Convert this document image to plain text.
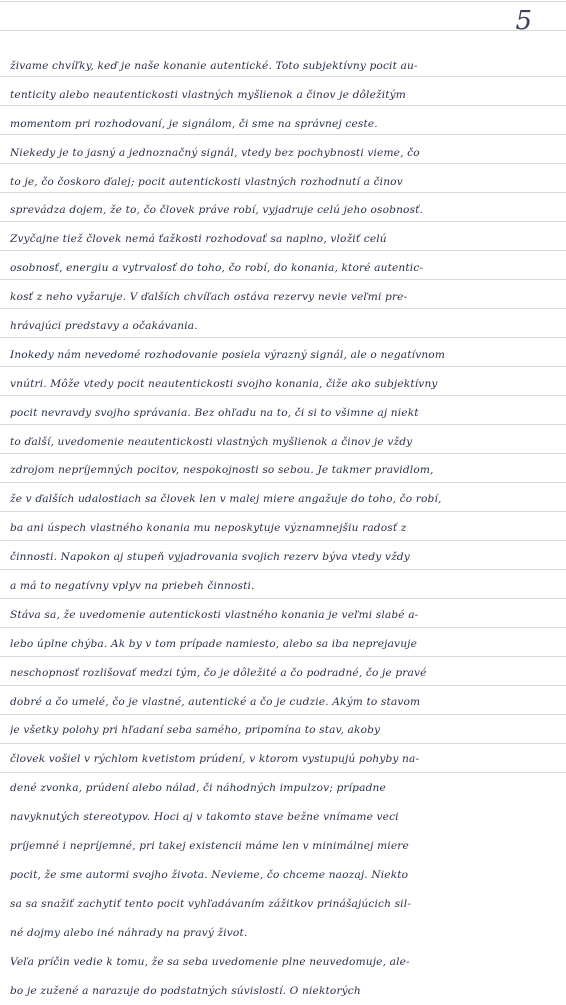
5
živame chvíľky, keď je naše konanie autentické. Toto subjektívny pocit au-
tenticity alebo neautentickosti vlastných myšlienok a činov je dôležitým
momentom pri rozhodovaní, je signálom, či sme na správnej ceste.
Niekedy je to jasný a jednoznačný signál, vtedy bez pochybnosti vieme, čo
to je, čo čoskoro ďalej; pocit autentickosti vlastných rozhodnutí a činov
sprevádza dojem, že to, čo človek práve robí, vyjadruje celú jeho osobnosť.
Zvyčajne tiež človek nemá ťažkosti rozhodovať sa naplno, vložiť celú
osobnosť, energiu a vytrvalosť do toho, čo robí, do konania, ktoré autentic-
kosť z neho vyžaruje. V ďalších chvíľach ostáva rezervy nevie veľmi pre-
hrávajúci predstavy a očakávania.
Inokedy nám nevedomé rozhodovanie posiela výrazný signál, ale o negatívnom
vnútri. Môže vtedy pocit neautentickosti svojho konania, čiže ako subjektívny
pocit nevravdy svojho správania. Bez ohľadu na to, či si to všimne aj niekt
to ďalší, uvedomenie neautentickosti vlastných myšlienok a činov je vždy
zdrojom nepríjemných pocitov, nespokojnosti so sebou. Je takmer pravidlom,
že v ďalších udalostiach sa človek len v malej miere angažuje do toho, čo robí,
ba ani úspech vlastného konania mu neposkytuje významnejšiu radosť z
činnosti. Napokon aj stupeň vyjadrovania svojich rezerv býva vtedy vždy
a má to negatívny vplyv na priebeh činnosti.
Stáva sa, že uvedomenie autentickosti vlastného konania je veľmi slabé a-
lebo úplne chýba. Ak by v tom prípade namiesto, alebo sa iba neprejavuje
neschopnosť rozlišovať medzi tým, čo je dôležité a čo podradné, čo je pravé
dobré a čo umelé, čo je vlastné, autentické a čo je cudzie. Akým to stavom
je všetky polohy pri hľadaní seba samého, pripomína to stav, akoby
človek vošiel v rýchlom kvetistom prúdení, v ktorom vystupujú pohyby na-
dené zvonka, prúdení alebo nálad, či náhodných impulzov; prípadne
navyknutých stereotypov. Hoci aj v takomto stave bežne vnímame veci
príjemné i nepríjemné, pri takej existencii máme len v minimálnej miere
pocit, že sme autormi svojho života. Nevieme, čo chceme naozaj. Niekto
sa sa snažiť zachytiť tento pocit vyhľadávaním zážitkov prinášajúcich sil-
né dojmy alebo iné náhrady na pravý život.
Veľa príčin vedie k tomu, že sa seba uvedomenie plne neuvedomuje, ale-
bo je zužené a narazuje do podstatných súvislostí. O niektorých
